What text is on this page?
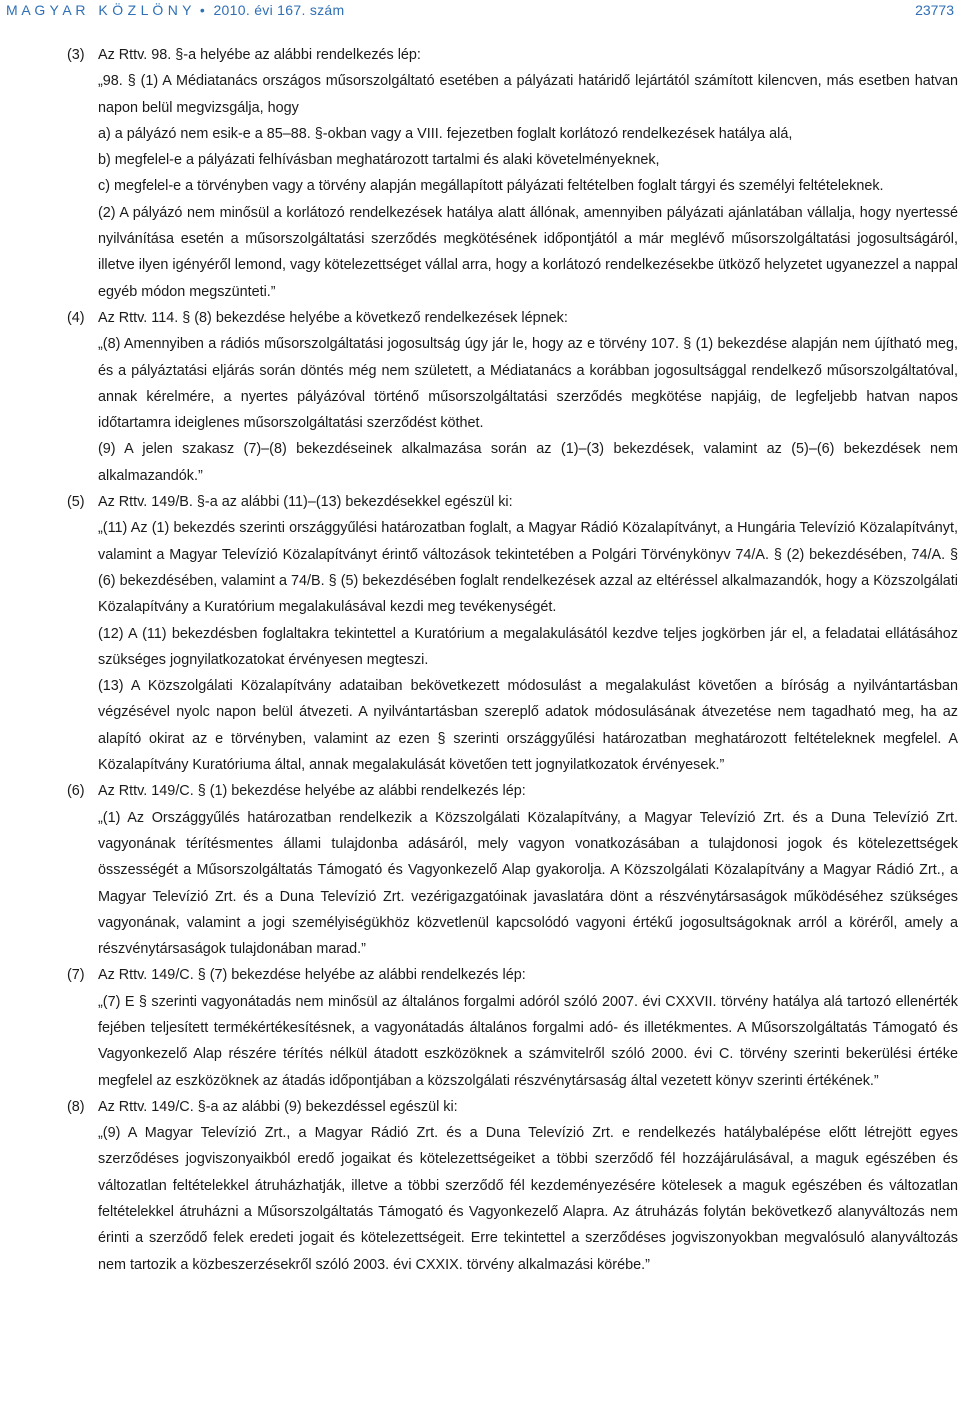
M A G Y A R   K Ö Z L Ö N Y  •  2010. évi 167. szám	23773
(3) Az Rttv. 98. §-a helyébe az alábbi rendelkezés lép:
„98. § (1) A Médiatanács országos műsorszolgáltató esetében a pályázati határidő lejártától számított kilencven, más esetben hatvan napon belül megvizsgálja, hogy
a) a pályázó nem esik-e a 85–88. §-okban vagy a VIII. fejezetben foglalt korlátozó rendelkezések hatálya alá,
b) megfelel-e a pályázati felhívásban meghatározott tartalmi és alaki követelményeknek,
c) megfelel-e a törvényben vagy a törvény alapján megállapított pályázati feltételben foglalt tárgyi és személyi feltételeknek.
(2) A pályázó nem minősül a korlátozó rendelkezések hatálya alatt állónak, amennyiben pályázati ajánlatában vállalja, hogy nyertessé nyilvánítása esetén a műsorszolgáltatási szerződés megkötésének időpontjától a már meglévő műsorszolgáltatási jogosultságáról, illetve ilyen igényéről lemond, vagy kötelezettséget vállal arra, hogy a korlátozó rendelkezésekbe ütköző helyzetet ugyanezzel a nappal egyéb módon megszünteti.”
(4) Az Rttv. 114. § (8) bekezdése helyébe a következő rendelkezések lépnek:
„(8) Amennyiben a rádiós műsorszolgáltatási jogosultság úgy jár le, hogy az e törvény 107. § (1) bekezdése alapján nem újítható meg, és a pályáztatási eljárás során döntés még nem született, a Médiatanács a korábban jogosultsággal rendelkező műsorszolgáltatóval, annak kérelmére, a nyertes pályázóval történő műsorszolgáltatási szerződés megkötése napjáig, de legfeljebb hatvan napos időtartamra ideiglenes műsorszolgáltatási szerződést köthet.
(9) A jelen szakasz (7)–(8) bekezdéseinek alkalmazása során az (1)–(3) bekezdések, valamint az (5)–(6) bekezdések nem alkalmazandók.”
(5) Az Rttv. 149/B. §-a az alábbi (11)–(13) bekezdésekkel egészül ki:
„(11) Az (1) bekezdés szerinti országgyűlési határozatban foglalt, a Magyar Rádió Közalapítványt, a Hungária Televízió Közalapítványt, valamint a Magyar Televízió Közalapítványt érintő változások tekintetében a Polgári Törvénykönyv 74/A. § (2) bekezdésében, 74/A. § (6) bekezdésében, valamint a 74/B. § (5) bekezdésében foglalt rendelkezések azzal az eltéréssel alkalmazandók, hogy a Közszolgálati Közalapítvány a Kuratórium megalakulásával kezdi meg tevékenységét.
(12) A (11) bekezdésben foglaltakra tekintettel a Kuratórium a megalakulásától kezdve teljes jogkörben jár el, a feladatai ellátásához szükséges jognyilatkozatokat érvényesen megteszi.
(13) A Közszolgálati Közalapítvány adataiban bekövetkezett módosulást a megalakulást követően a bíróság a nyilvántartásban végzésével nyolc napon belül átvezeti. A nyilvántartásban szereplő adatok módosulásának átvezetése nem tagadható meg, ha az alapító okirat az e törvényben, valamint az ezen § szerinti országgyűlési határozatban meghatározott feltételeknek megfelel. A Közalapítvány Kuratóriuma által, annak megalakulását követően tett jognyilatkozatok érvényesek.”
(6) Az Rttv. 149/C. § (1) bekezdése helyébe az alábbi rendelkezés lép:
„(1) Az Országgyűlés határozatban rendelkezik a Közszolgálati Közalapítvány, a Magyar Televízió Zrt. és a Duna Televízió Zrt. vagyonának térítésmentes állami tulajdonba adásáról, mely vagyon vonatkozásában a tulajdonosi jogok és kötelezettségek összességét a Műsorszolgáltatás Támogató és Vagyonkezelő Alap gyakorolja. A Közszolgálati Közalapítvány a Magyar Rádió Zrt., a Magyar Televízió Zrt. és a Duna Televízió Zrt. vezérigazgatóinak javaslatára dönt a részvénytársaságok működéséhez szükséges vagyonának, valamint a jogi személyiségükhöz közvetlenül kapcsolódó vagyoni értékű jogosultságoknak arról a köréről, amely a részvénytársaságok tulajdonában marad.”
(7) Az Rttv. 149/C. § (7) bekezdése helyébe az alábbi rendelkezés lép:
„(7) E § szerinti vagyonátadás nem minősül az általános forgalmi adóról szóló 2007. évi CXXVII. törvény hatálya alá tartozó ellenérték fejében teljesített termékértékesítésnek, a vagyonátadás általános forgalmi adó- és illetékmentes. A Műsorszolgáltatás Támogató és Vagyonkezelő Alap részére térítés nélkül átadott eszközöknek a számvitelről szóló 2000. évi C. törvény szerinti bekerülési értéke megfelel az eszközöknek az átadás időpontjában a közszolgálati részvénytársaság által vezetett könyv szerinti értékének.”
(8) Az Rttv. 149/C. §-a az alábbi (9) bekezdéssel egészül ki:
„(9) A Magyar Televízió Zrt., a Magyar Rádió Zrt. és a Duna Televízió Zrt. e rendelkezés hatálybalépése előtt létrejött egyes szerződéses jogviszonyaikból eredő jogaikat és kötelezettségeiket a többi szerződő fél hozzájárulásával, a maguk egészében és változatlan feltételekkel átruházhatják, illetve a többi szerződő fél kezdeményezésére kötelesek a maguk egészében és változatlan feltételekkel átruházni a Műsorszolgáltatás Támogató és Vagyonkezelő Alapra. Az átruházás folytán bekövetkező alanyváltozás nem érinti a szerződő felek eredeti jogait és kötelezettségeit. Erre tekintettel a szerződéses jogviszonyokban megvalósuló alanyváltozás nem tartozik a közbeszerzésekről szóló 2003. évi CXXIX. törvény alkalmazási körébe.”
